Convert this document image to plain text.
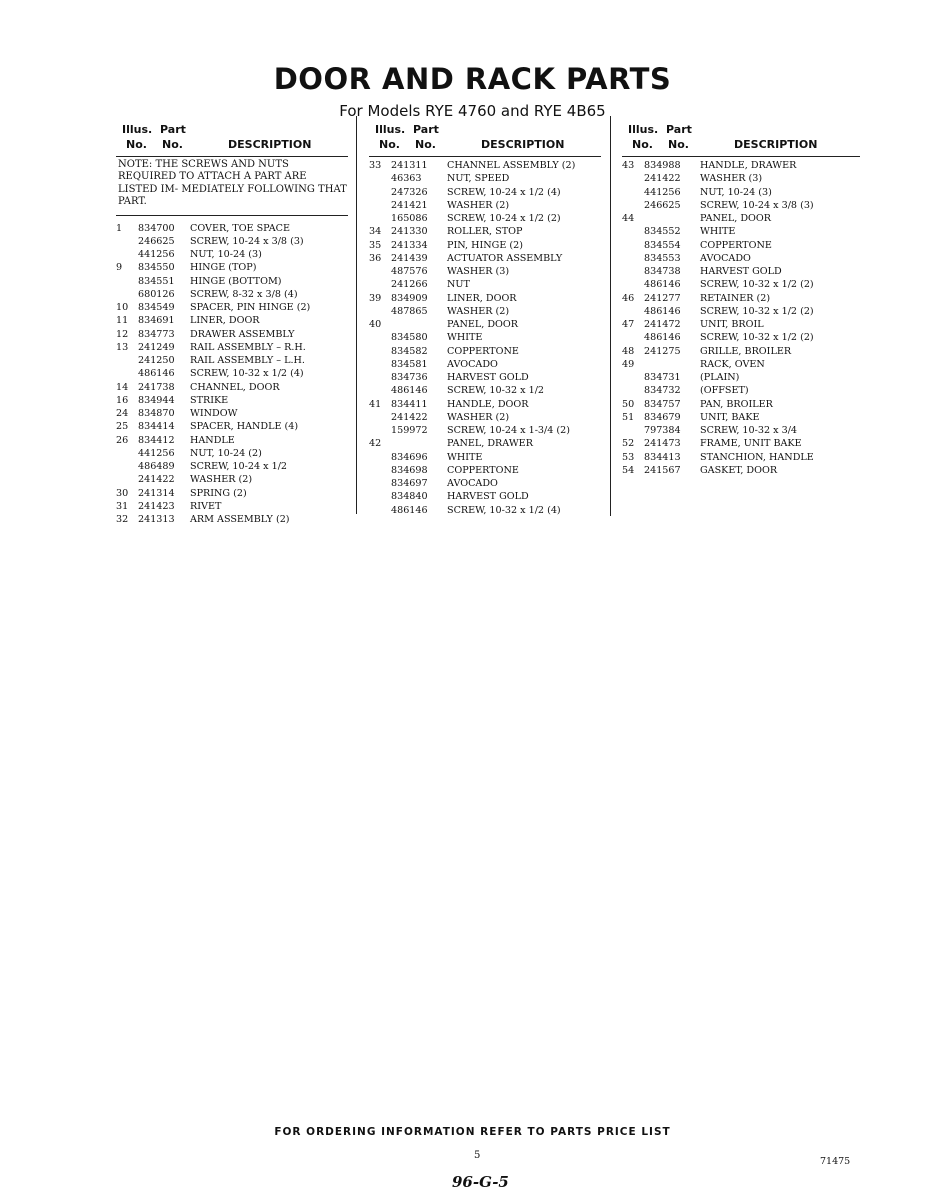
DOOR AND RACK PARTS
For Models RYE 4760 and RYE 4B65
Illus. Part
No. No.	DESCRIPTION
NOTE: THE SCREWS AND NUTS REQUIRED TO ATTACH A PART ARE LISTED IM- MEDIATELY FOLLOWING THAT PART.
1	834700 COVER, TOE SPACE
246625 SCREW, 10-24 x 3/8 (3)
441256 NUT, 10-24 (3)
9	834550 HINGE (TOP)
834551 HINGE (BOTTOM)
680126 SCREW, 8-32 x 3/8 (4)
10	834549 SPACER, PIN HINGE (2)
11	834691 LINER, DOOR
12	834773 DRAWER ASSEMBLY
13	241249 RAIL ASSEMBLY – R.H.
241250 RAIL ASSEMBLY – L.H.
486146 SCREW, 10-32 x 1/2 (4)
14	241738 CHANNEL, DOOR
16	834944 STRIKE
24	834870 WINDOW
25	834414 SPACER, HANDLE (4)
26	834412 HANDLE
441256 NUT, 10-24 (2)
486489 SCREW, 10-24 x 1/2
241422 WASHER (2)
30	241314 SPRING (2)
31	241423 RIVET
32	241313 ARM ASSEMBLY (2)
Illus. Part
No. No.	DESCRIPTION
33	241311 CHANNEL ASSEMBLY (2)
46363	NUT, SPEED
247326 SCREW, 10-24 x 1/2 (4)
241421 WASHER (2)
165086 SCREW, 10-24 x 1/2 (2)
34	241330 ROLLER, STOP
35	241334 PIN, HINGE (2)
36	241439 ACTUATOR ASSEMBLY
487576 WASHER (3)
241266 NUT
39	834909 LINER, DOOR
487865 WASHER (2)
40	PANEL, DOOR
834580 WHITE
834582 COPPERTONE
834581 AVOCADO
834736 HARVEST GOLD
486146 SCREW, 10-32 x 1/2
41	834411 HANDLE, DOOR
241422 WASHER (2)
159972 SCREW, 10-24 x 1-3/4 (2)
42	PANEL, DRAWER
834696 WHITE
834698 COPPERTONE
834697 AVOCADO
834840 HARVEST GOLD
486146 SCREW, 10-32 x 1/2 (4)
Illus. Part
No. No.	DESCRIPTION
43	834988 HANDLE, DRAWER
241422 WASHER (3)
441256 NUT, 10-24 (3)
246625 SCREW, 10-24 x 3/8 (3)
44	PANEL, DOOR
834552 WHITE
834554 COPPERTONE
834553 AVOCADO
834738 HARVEST GOLD
486146 SCREW, 10-32 x 1/2 (2)
46	241277 RETAINER (2)
486146 SCREW, 10-32 x 1/2 (2)
47	241472 UNIT, BROIL
486146 SCREW, 10-32 x 1/2 (2)
48	241275 GRILLE, BROILER
49	RACK, OVEN
834731 (PLAIN)
834732 (OFFSET)
50	834757 PAN, BROILER
51	834679 UNIT, BAKE
797384 SCREW, 10-32 x 3/4
52	241473 FRAME, UNIT BAKE
53	834413 STANCHION, HANDLE
54	241567 GASKET, DOOR
FOR ORDERING INFORMATION REFER TO PARTS PRICE LIST
5
71475
96-G-5
